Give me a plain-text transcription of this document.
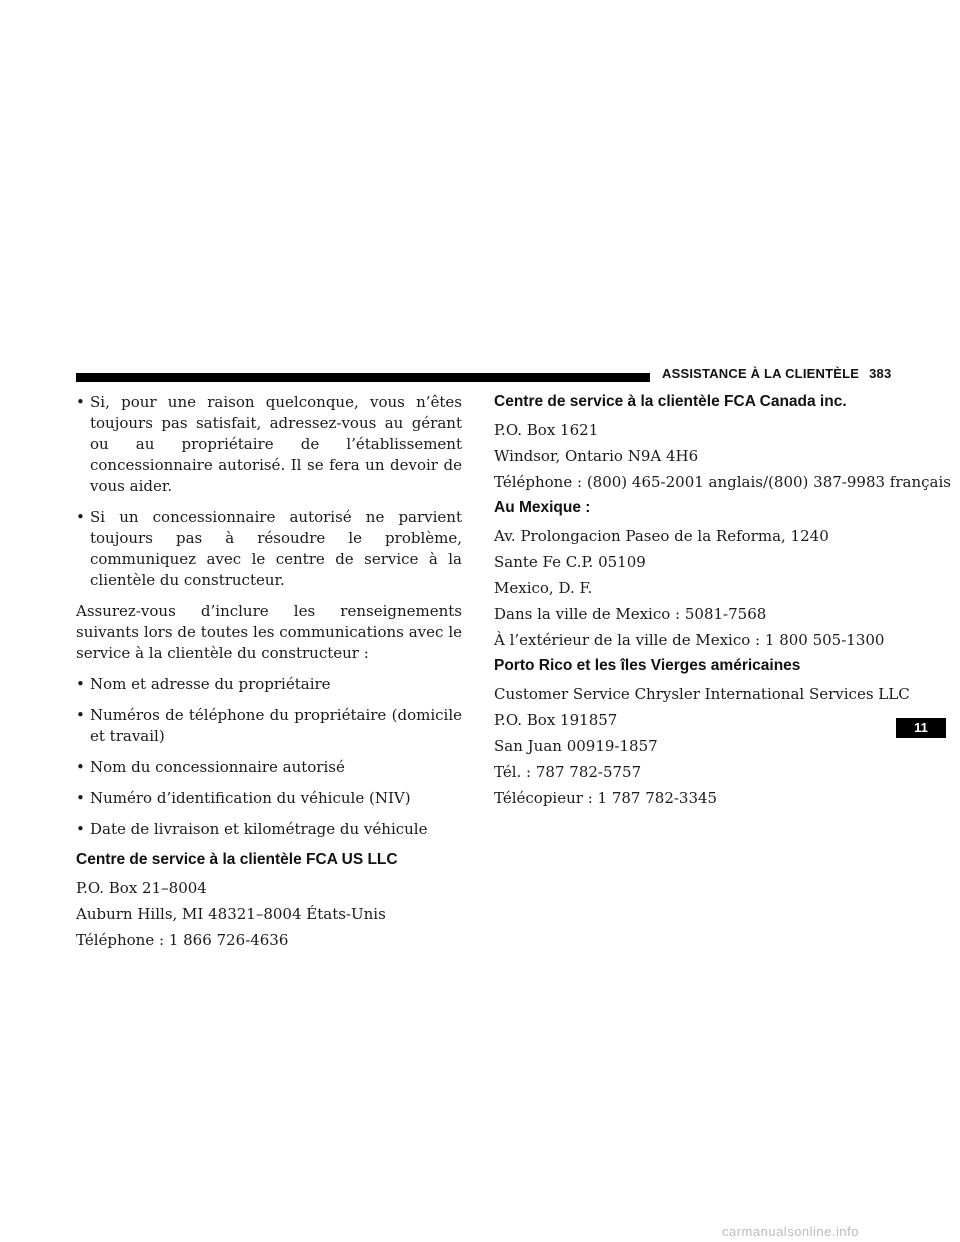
ASSISTANCE À LA CLIENTÈLE 383
• Si, pour une raison quelconque, vous n’êtes toujours pas satisfait, adressez-vous au gérant ou au propriétaire de l’établissement concessionnaire autorisé. Il se fera un devoir de vous aider.
• Si un concessionnaire autorisé ne parvient toujours pas à résoudre le problème, communiquez avec le centre de service à la clientèle du constructeur.

Assurez-vous d’inclure les renseignements suivants lors de toutes les communications avec le service à la clientèle du constructeur :

• Nom et adresse du propriétaire
• Numéros de téléphone du propriétaire (domicile et travail)
• Nom du concessionnaire autorisé
• Numéro d’identification du véhicule (NIV)
• Date de livraison et kilométrage du véhicule
Centre de service à la clientèle FCA US LLC
P.O. Box 21–8004
Auburn Hills, MI 48321–8004 États-Unis
Téléphone : 1 866 726-4636
Centre de service à la clientèle FCA Canada inc.
P.O. Box 1621
Windsor, Ontario N9A 4H6
Téléphone : (800) 465-2001 anglais/(800) 387-9983 français
Au Mexique :
Av. Prolongacion Paseo de la Reforma, 1240
Sante Fe C.P. 05109
Mexico, D. F.
Dans la ville de Mexico : 5081-7568
À l’extérieur de la ville de Mexico : 1 800 505-1300
Porto Rico et les îles Vierges américaines
Customer Service Chrysler International Services LLC
P.O. Box 191857
San Juan 00919-1857
Tél. : 787 782-5757
Télécopieur : 1 787 782-3345
11
carmanualsonline.info
